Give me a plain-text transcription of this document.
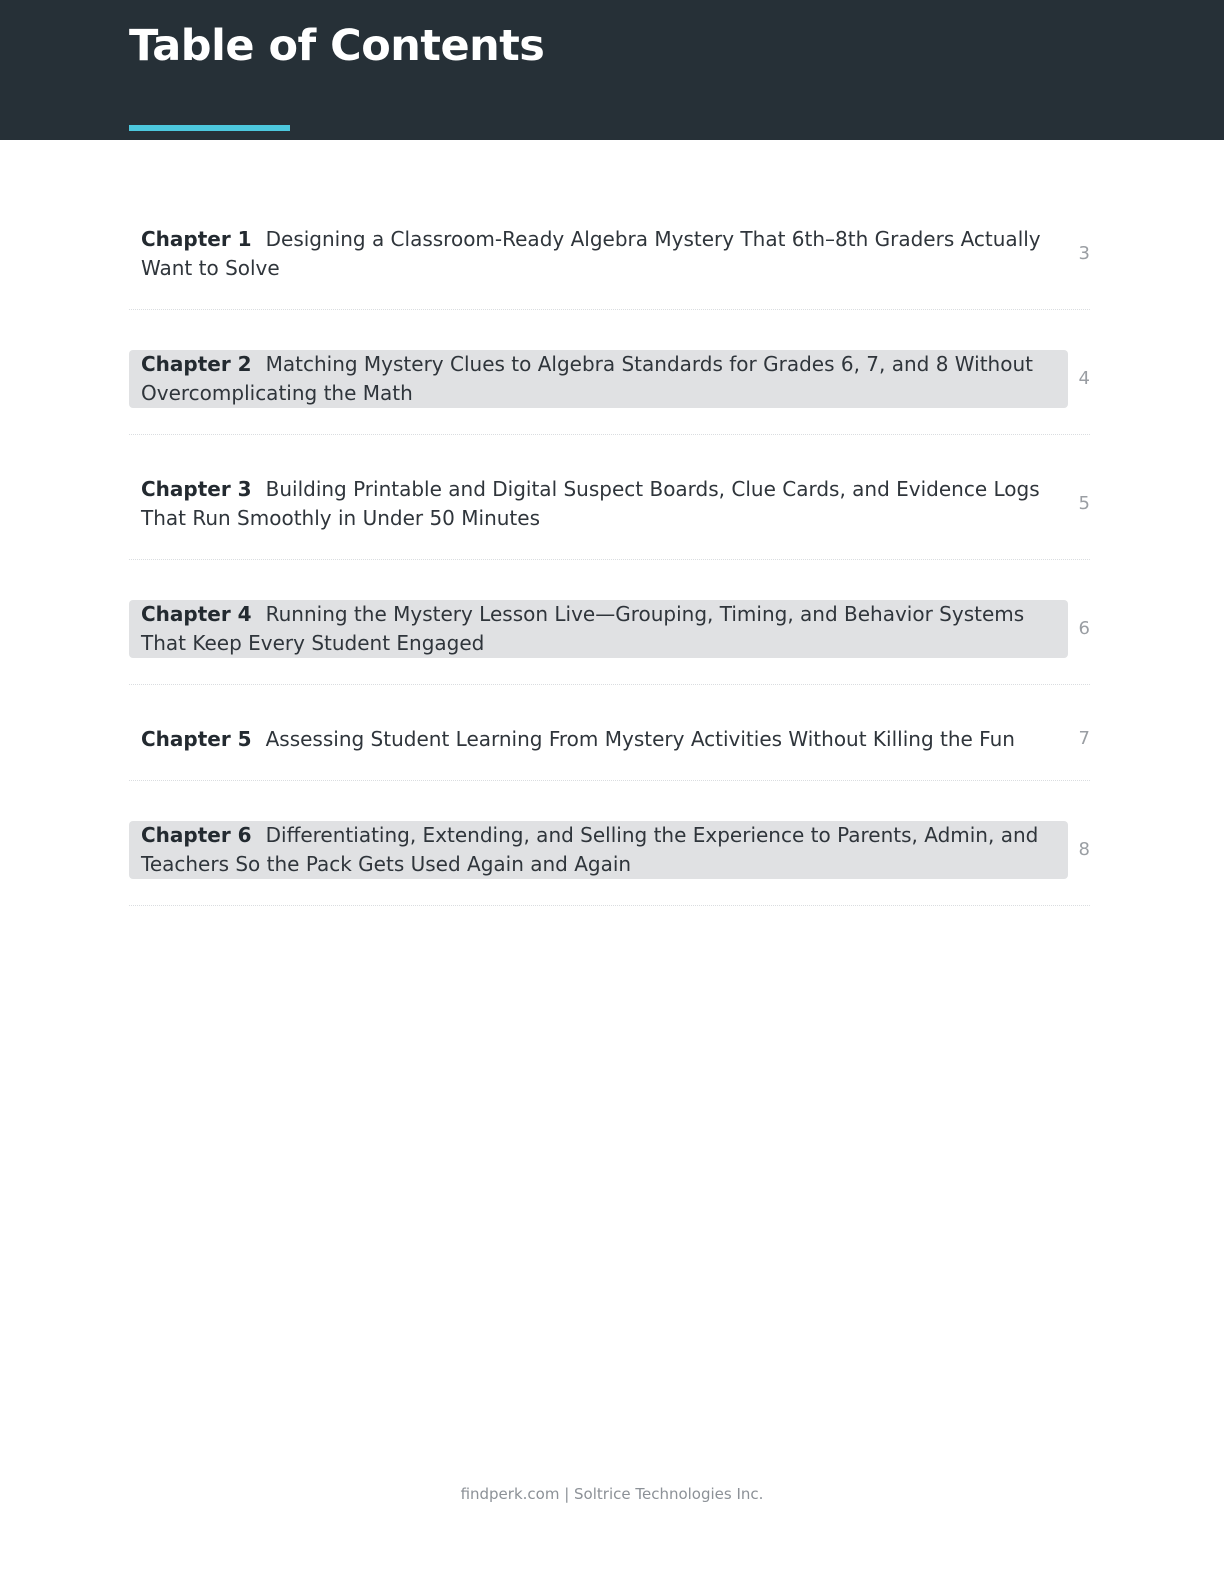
Table of Contents
Chapter 1 Designing a Classroom-Ready Algebra Mystery That 6th–8th Graders Actually Want to Solve
3
Chapter 2 Matching Mystery Clues to Algebra Standards for Grades 6, 7, and 8 Without Overcomplicating the Math
4
Chapter 3 Building Printable and Digital Suspect Boards, Clue Cards, and Evidence Logs That Run Smoothly in Under 50 Minutes
5
Chapter 4 Running the Mystery Lesson Live—Grouping, Timing, and Behavior Systems That Keep Every Student Engaged
6
Chapter 5 Assessing Student Learning From Mystery Activities Without Killing the Fun	7
Chapter 6 Differentiating, Extending, and Selling the Experience to Parents, Admin, and Teachers So the Pack Gets Used Again and Again
8
findperk.com | Soltrice Technologies Inc.
